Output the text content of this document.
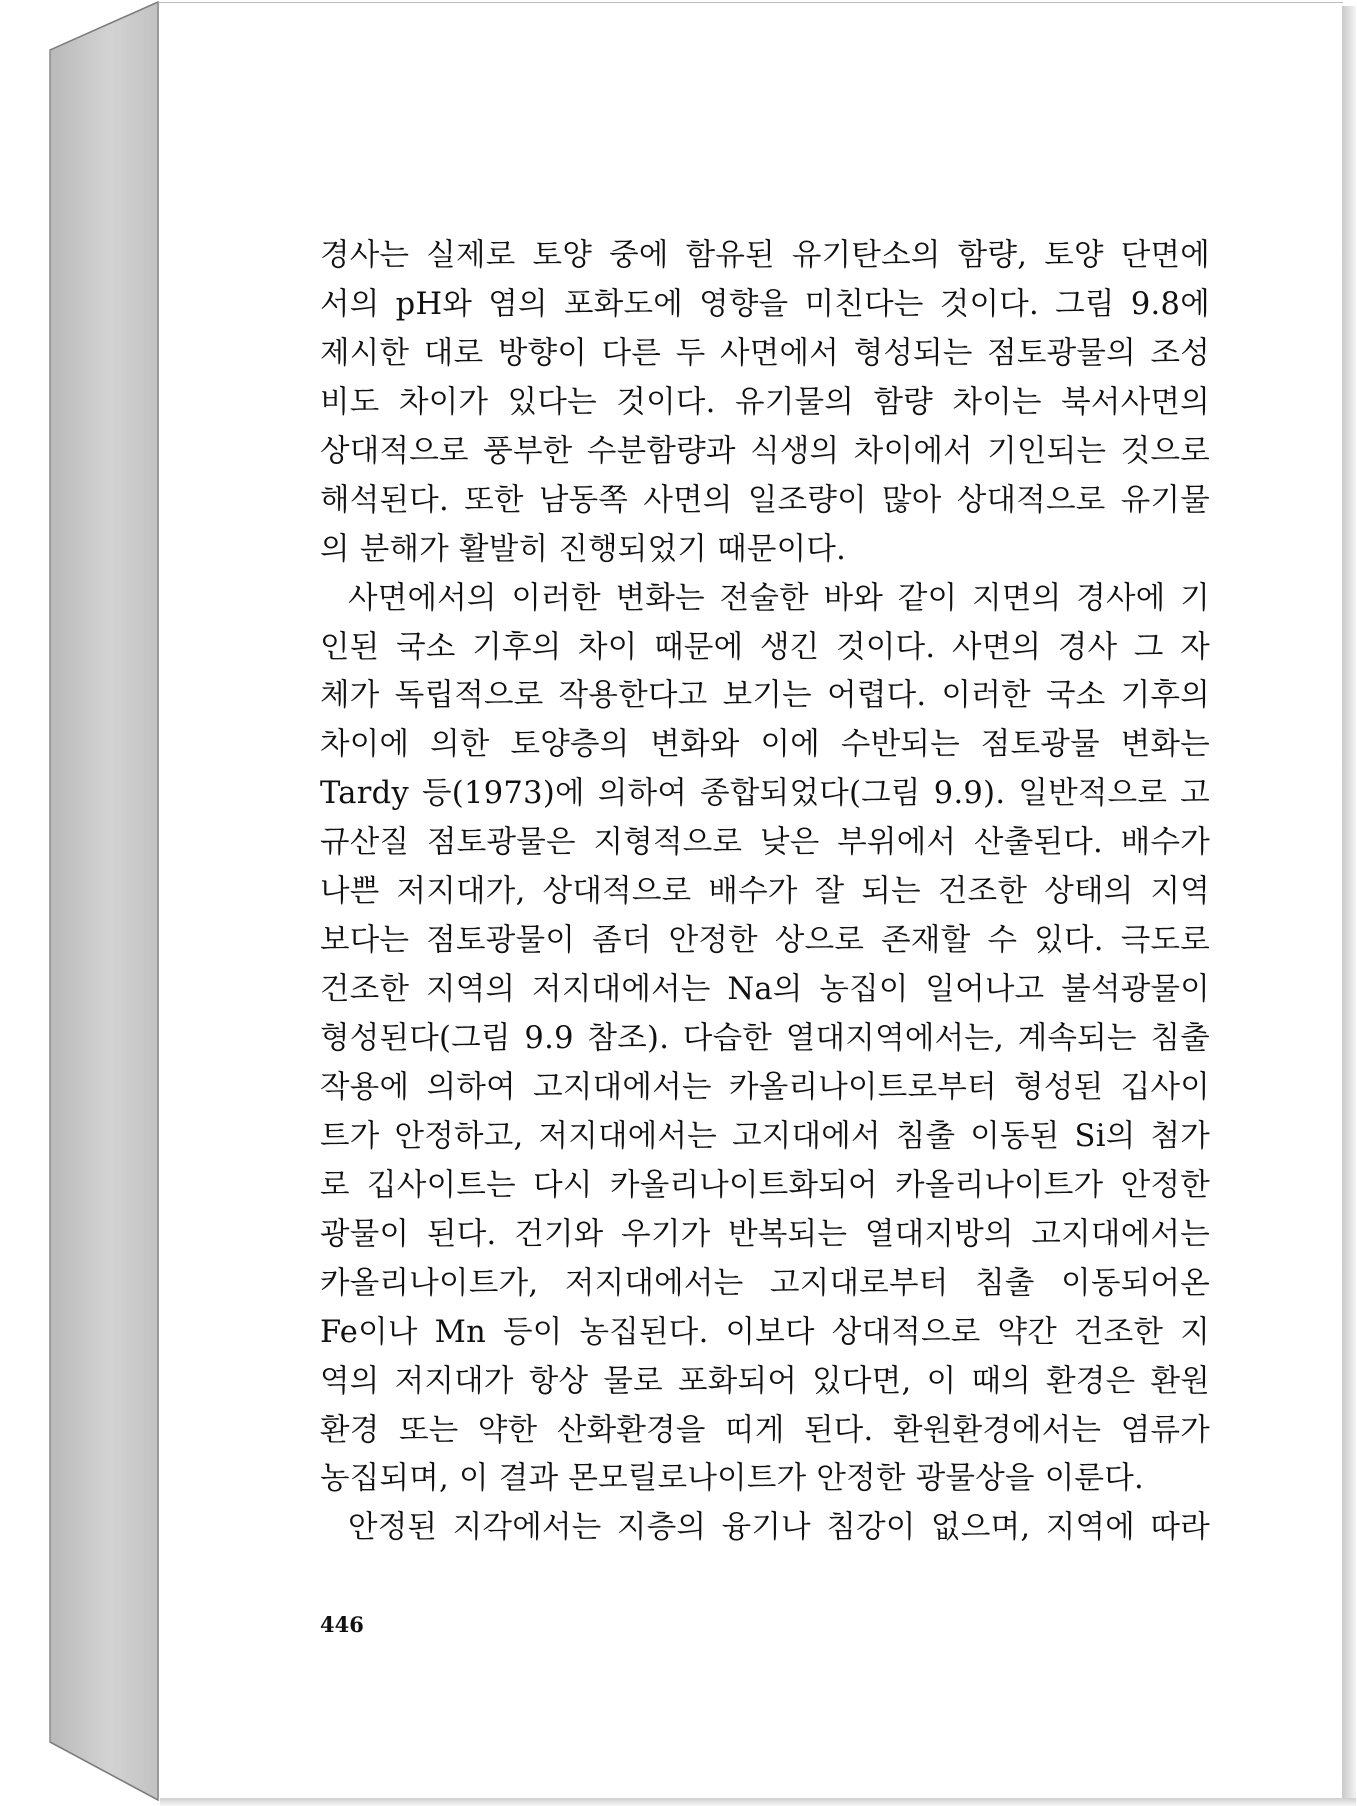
경사는 실제로 토양 중에 함유된 유기탄소의 함량, 토양 단면에
서의 pH와 염의 포화도에 영향을 미친다는 것이다. 그림 9.8에
제시한 대로 방향이 다른 두 사면에서 형성되는 점토광물의 조성
비도 차이가 있다는 것이다. 유기물의 함량 차이는 북서사면의
상대적으로 풍부한 수분함량과 식생의 차이에서 기인되는 것으로
해석된다. 또한 남동쪽 사면의 일조량이 많아 상대적으로 유기물
의 분해가 활발히 진행되었기 때문이다.
사면에서의 이러한 변화는 전술한 바와 같이 지면의 경사에 기
인된 국소 기후의 차이 때문에 생긴 것이다. 사면의 경사 그 자
체가 독립적으로 작용한다고 보기는 어렵다. 이러한 국소 기후의
차이에 의한 토양층의 변화와 이에 수반되는 점토광물 변화는
Tardy 등(1973)에 의하여 종합되었다(그림 9.9). 일반적으로 고
규산질 점토광물은 지형적으로 낮은 부위에서 산출된다. 배수가
나쁜 저지대가, 상대적으로 배수가 잘 되는 건조한 상태의 지역
보다는 점토광물이 좀더 안정한 상으로 존재할 수 있다. 극도로
건조한 지역의 저지대에서는 Na의 농집이 일어나고 불석광물이
형성된다(그림 9.9 참조). 다습한 열대지역에서는, 계속되는 침출
작용에 의하여 고지대에서는 카올리나이트로부터 형성된 깁사이
트가 안정하고, 저지대에서는 고지대에서 침출 이동된 Si의 첨가
로 깁사이트는 다시 카올리나이트화되어 카올리나이트가 안정한
광물이 된다. 건기와 우기가 반복되는 열대지방의 고지대에서는
카올리나이트가, 저지대에서는 고지대로부터 침출 이동되어온
Fe이나 Mn 등이 농집된다. 이보다 상대적으로 약간 건조한 지
역의 저지대가 항상 물로 포화되어 있다면, 이 때의 환경은 환원
환경 또는 약한 산화환경을 띠게 된다. 환원환경에서는 염류가
농집되며, 이 결과 몬모릴로나이트가 안정한 광물상을 이룬다.
안정된 지각에서는 지층의 융기나 침강이 없으며, 지역에 따라
446
